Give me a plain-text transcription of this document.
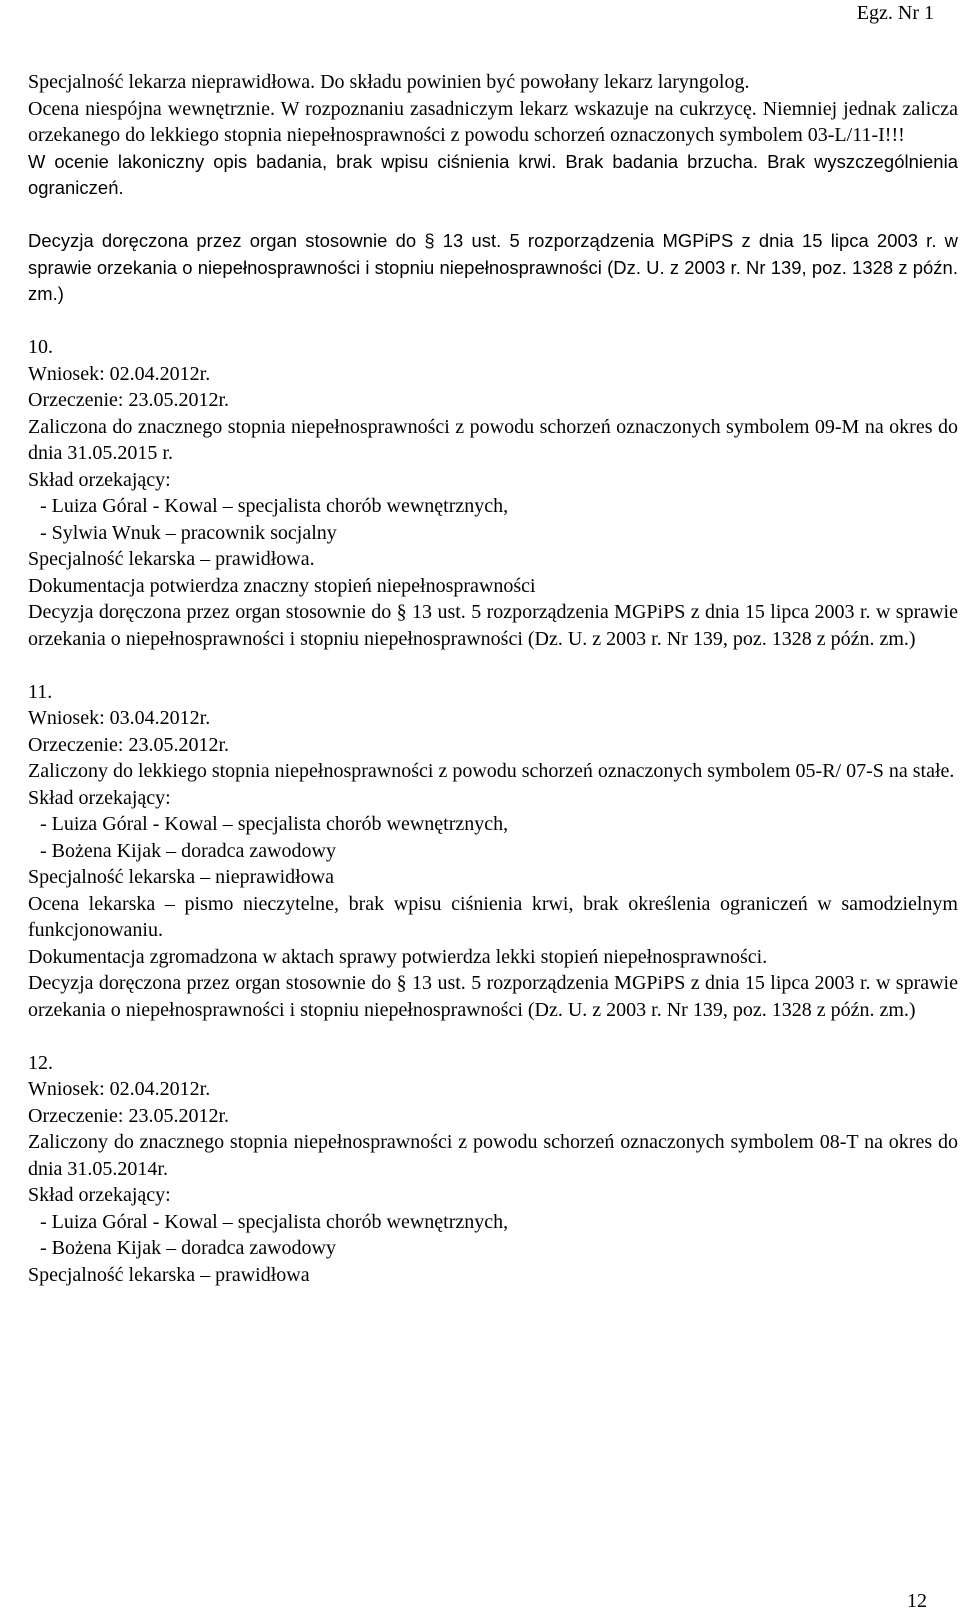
Egz. Nr 1

Specjalność lekarza nieprawidłowa. Do składu powinien być powołany lekarz laryngolog.

Ocena niespójna wewnętrznie. W rozpoznaniu zasadniczym lekarz wskazuje na cukrzycę. Niemniej jednak zalicza orzekanego do lekkiego stopnia niepełnosprawności z powodu schorzeń oznaczonych symbolem 03-L/11-I!!!

W ocenie lakoniczny opis badania, brak wpisu ciśnienia krwi. Brak badania brzucha. Brak wyszczególnienia ograniczeń.

Decyzja doręczona przez organ stosownie do § 13 ust. 5 rozporządzenia MGPiPS z dnia 15 lipca 2003 r. w sprawie orzekania o niepełnosprawności i stopniu niepełnosprawności (Dz. U. z 2003 r. Nr 139, poz. 1328 z późn. zm.)

10.

Wniosek: 02.04.2012r.

Orzeczenie: 23.05.2012r.

Zaliczona do znacznego stopnia niepełnosprawności z powodu schorzeń oznaczonych symbolem 09-M na okres do dnia 31.05.2015 r.

Skład orzekający:

- Luiza Góral - Kowal – specjalista chorób wewnętrznych,

- Sylwia Wnuk – pracownik socjalny

Specjalność lekarska – prawidłowa.

Dokumentacja potwierdza znaczny stopień niepełnosprawności

Decyzja doręczona przez organ stosownie do § 13 ust. 5 rozporządzenia MGPiPS z dnia 15 lipca 2003 r. w sprawie orzekania o niepełnosprawności i stopniu niepełnosprawności (Dz. U. z 2003 r. Nr 139, poz. 1328 z późn. zm.)

11.

Wniosek: 03.04.2012r.

Orzeczenie: 23.05.2012r.

Zaliczony do lekkiego stopnia niepełnosprawności z powodu schorzeń oznaczonych symbolem 05-R/ 07-S na stałe.

Skład orzekający:

- Luiza Góral - Kowal – specjalista chorób wewnętrznych,

- Bożena Kijak – doradca zawodowy

Specjalność lekarska – nieprawidłowa

Ocena lekarska – pismo nieczytelne, brak wpisu ciśnienia krwi, brak określenia ograniczeń w samodzielnym funkcjonowaniu.

Dokumentacja zgromadzona w aktach sprawy potwierdza lekki stopień niepełnosprawności.

Decyzja doręczona przez organ stosownie do § 13 ust. 5 rozporządzenia MGPiPS z dnia 15 lipca 2003 r. w sprawie orzekania o niepełnosprawności i stopniu niepełnosprawności (Dz. U. z 2003 r. Nr 139, poz. 1328 z późn. zm.)

12.

Wniosek: 02.04.2012r.

Orzeczenie: 23.05.2012r.

Zaliczony do znacznego stopnia niepełnosprawności z powodu schorzeń oznaczonych symbolem 08-T na okres do dnia 31.05.2014r.

Skład orzekający:

- Luiza Góral - Kowal – specjalista chorób wewnętrznych,

- Bożena Kijak – doradca zawodowy

Specjalność lekarska – prawidłowa

12
